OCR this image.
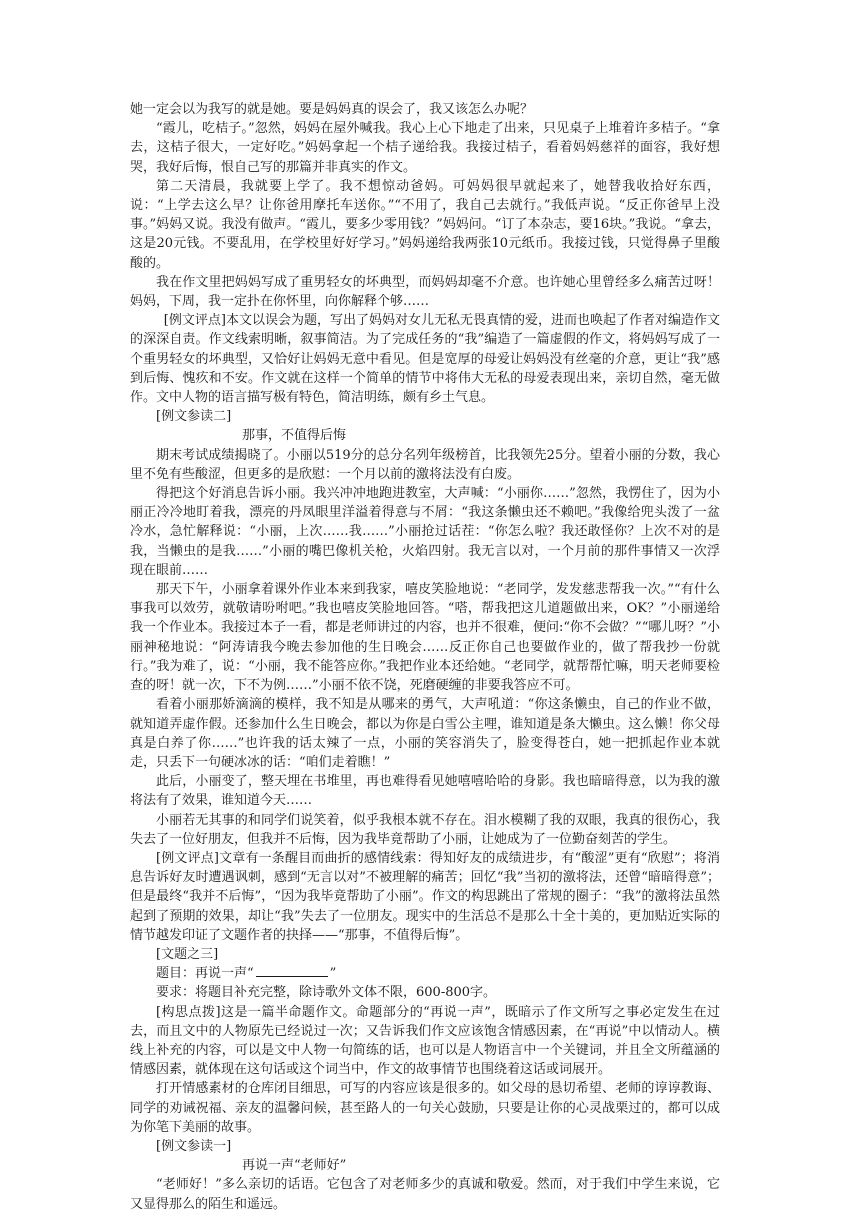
她一定会以为我写的就是她。要是妈妈真的误会了，我又该怎么办呢？

“霞儿，吃桔子。”忽然，妈妈在屋外喊我。我心上心下地走了出来，只见桌子上堆着许多桔子。“拿去，这桔子很大，一定好吃。”妈妈拿起一个桔子递给我。我接过桔子，看着妈妈慈祥的面容，我好想哭，我好后悔，恨自己写的那篇并非真实的作文。

第二天清晨，我就要上学了。我不想惊动爸妈。可妈妈很早就起来了，她替我收拾好东西，说：“上学去这么早？让你爸用摩托车送你。”“不用了，我自己去就行。”我低声说。“反正你爸早上没事。”妈妈又说。我没有做声。“霞儿，要多少零用钱？”妈妈问。“订了本杂志，要16块。”我说。“拿去，这是20元钱。不要乱用，在学校里好好学习。”妈妈递给我两张10元纸币。我接过钱，只觉得鼻子里酸酸的。

我在作文里把妈妈写成了重男轻女的坏典型，而妈妈却毫不介意。也许她心里曾经多么痛苦过呀！妈妈，下周，我一定扑在你怀里，向你解释个够……

[例文评点]本文以误会为题，写出了妈妈对女儿无私无畏真情的爱，进而也唤起了作者对编造作文的深深自责。作文线索明晰，叙事简洁。为了完成任务的“我”编造了一篇虚假的作文，将妈妈写成了一个重男轻女的坏典型，又恰好让妈妈无意中看见。但是宽厚的母爱让妈妈没有丝毫的介意，更让“我”感到后悔、愧疚和不安。作文就在这样一个简单的情节中将伟大无私的母爱表现出来，亲切自然，毫无做作。文中人物的语言描写极有特色，简洁明练，颇有乡土气息。

[例文参读二]

那事，不值得后悔

期末考试成绩揭晓了。小丽以519分的总分名列年级榜首，比我领先25分。望着小丽的分数，我心里不免有些酸涩，但更多的是欣慰：一个月以前的激将法没有白废。

得把这个好消息告诉小丽。我兴冲冲地跑进教室，大声喊：“小丽你……”忽然，我愣住了，因为小丽正冷冷地盯着我，漂亮的丹凤眼里洋溢着得意与不屑：“我这条懒虫还不赖吧。”我像给兜头泼了一盆冷水，急忙解释说：“小丽，上次……我……”小丽抢过话茬：“你怎么啦？我还敢怪你？上次不对的是我，当懒虫的是我……”小丽的嘴巴像机关枪，火焰四射。我无言以对，一个月前的那件事情又一次浮现在眼前……

那天下午，小丽拿着课外作业本来到我家，嘻皮笑脸地说：“老同学，发发慈悲帮我一次。”“有什么事我可以效劳，就敬请吩咐吧。”我也嘻皮笑脸地回答。“嗒，帮我把这儿道题做出来，OK？”小丽递给我一个作业本。我接过本子一看，都是老师讲过的内容，也并不很难，便问:“你不会做？”“哪儿呀？”小丽神秘地说：“阿涛请我今晚去参加他的生日晚会……反正你自己也要做作业的，做了帮我抄一份就行。”我为难了，说：“小丽，我不能答应你。”我把作业本还给她。“老同学，就帮帮忙嘛，明天老师要检查的呀！就一次，下不为例……”小丽不依不饶，死磨硬缠的非要我答应不可。

看着小丽那娇滴滴的模样，我不知是从哪来的勇气，大声吼道：“你这条懒虫，自己的作业不做，就知道弄虚作假。还参加什么生日晚会，都以为你是白雪公主哩，谁知道是条大懒虫。这么懒！你父母真是白养了你……”也许我的话太辣了一点，小丽的笑容消失了，脸变得苍白，她一把抓起作业本就走，只丢下一句硬冰冰的话：“咱们走着瞧！”

此后，小丽变了，整天埋在书堆里，再也难得看见她嘻嘻哈哈的身影。我也暗暗得意，以为我的激将法有了效果，谁知道今天……

小丽若无其事的和同学们说笑着，似乎我根本就不存在。泪水模糊了我的双眼，我真的很伤心，我失去了一位好朋友，但我并不后悔，因为我毕竟帮助了小丽，让她成为了一位勤奋刻苦的学生。

[例文评点]文章有一条醒目而曲折的感情线索：得知好友的成绩进步，有“酸涩”更有“欣慰”；将消息告诉好友时遭遇讽刺，感到“无言以对”不被理解的痛苦；回忆“我”当初的激将法，还曾“暗暗得意”；但是最终“我并不后悔”，“因为我毕竟帮助了小丽”。作文的构思跳出了常规的圈子：“我”的激将法虽然起到了预期的效果，却让“我”失去了一位朋友。现实中的生活总不是那么十全十美的，更加贴近实际的情节越发印证了文题作者的抉择——“那事，不值得后悔”。

[文题之三]

题目：再说一声“	”

要求：将题目补充完整，除诗歌外文体不限，600-800字。

[构思点拨]这是一篇半命题作文。命题部分的“再说一声”，既暗示了作文所写之事必定发生在过去，而且文中的人物原先已经说过一次；又告诉我们作文应该饱含情感因素，在“再说”中以情动人。横线上补充的内容，可以是文中人物一句简练的话，也可以是人物语言中一个关键词，并且全文所蕴涵的情感因素，就体现在这句话或这个词当中，作文的故事情节也围绕着这话或词展开。

打开情感素材的仓库闭目细思，可写的内容应该是很多的。如父母的恳切希望、老师的谆谆教诲、同学的劝诫祝福、亲友的温馨问候，甚至路人的一句关心鼓励，只要是让你的心灵战栗过的，都可以成为你笔下美丽的故事。

[例文参读一]

再说一声“老师好”

“老师好！”多么亲切的话语。它包含了对老师多少的真诚和敬爱。然而，对于我们中学生来说，它又显得那么的陌生和遥远。
